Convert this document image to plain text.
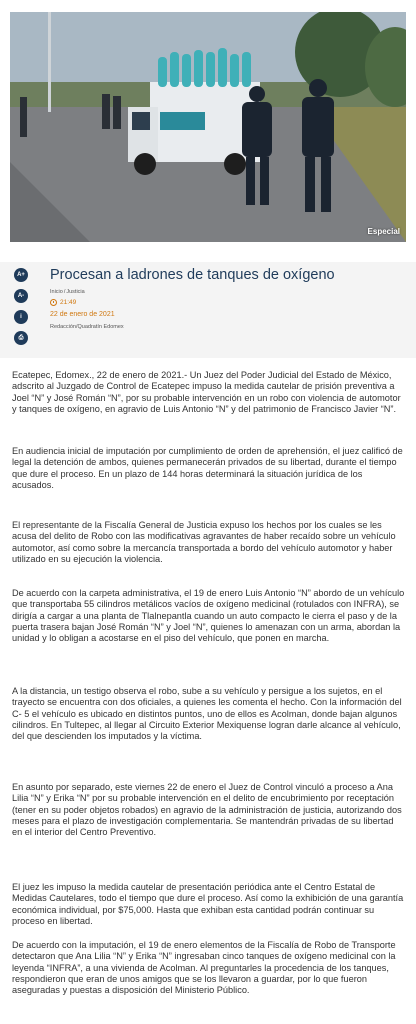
Especial
A+
A-
i
⎙
Procesan a ladrones de tanques de oxígeno
Inicio/Justicia
21:49
22 de enero de 2021
Redacción/Quadratín Edomex

Ecatepec, Edomex., 22 de enero de 2021.- Un Juez del Poder Judicial del Estado de México, adscrito al Juzgado de Control de Ecatepec impuso la medida cautelar de prisión preventiva a Joel “N” y José Román “N”, por su probable intervención en un robo con violencia de automotor y tanques de oxígeno, en agravio de Luis Antonio “N” y del patrimonio de Francisco Javier “N”.

En audiencia inicial de imputación por cumplimiento de orden de aprehensión, el juez calificó de legal la detención de ambos, quienes permanecerán privados de su libertad, durante el tiempo que dure el proceso. En un plazo de 144 horas determinará la situación jurídica de los acusados.

El representante de la Fiscalía General de Justicia expuso los hechos por los cuales se les acusa del delito de Robo con las modificativas agravantes de haber recaído sobre un vehículo automotor, así como sobre la mercancía transportada a bordo del vehículo automotor y haber utilizado en su ejecución la violencia.

De acuerdo con la carpeta administrativa, el 19 de enero Luis Antonio “N” abordo de un vehículo que transportaba 55 cilindros metálicos vacíos de oxígeno medicinal (rotulados con INFRA), se dirigía a cargar a una planta de Tlalnepantla cuando un auto compacto le cierra el paso y de la puerta trasera bajan José Román “N” y Joel “N”, quienes lo amenazan con un arma, abordan la unidad y lo obligan a acostarse en el piso del vehículo, que ponen en marcha.

A la distancia, un testigo observa el robo, sube a su vehículo y persigue a los sujetos, en el trayecto se encuentra con dos oficiales, a quienes les comenta el hecho. Con la información del C- 5 el vehículo es ubicado en distintos puntos, uno de ellos es Acolman, donde bajan algunos cilindros. En Tultepec, al llegar al Circuito Exterior Mexiquense logran darle alcance al vehículo, del que descienden los imputados y la víctima.

En asunto por separado, este viernes 22 de enero el Juez de Control vinculó a proceso a Ana Lilia “N” y Erika “N” por su probable intervención en el delito de encubrimiento por receptación (tener en su poder objetos robados) en agravio de la administración de justicia, autorizando dos meses para el plazo de investigación complementaria. Se mantendrán privadas de su libertad en el interior del Centro Preventivo.

El juez les impuso la medida cautelar de presentación periódica ante el Centro Estatal de Medidas Cautelares, todo el tiempo que dure el proceso. Así como la exhibición de una garantía económica individual, por $75,000. Hasta que exhiban esta cantidad podrán continuar su proceso en libertad.

De acuerdo con la imputación, el 19 de enero elementos de la Fiscalía de Robo de Transporte detectaron que Ana Lilia “N” y Erika “N” ingresaban cinco tanques de oxígeno medicinal con la leyenda “INFRA”, a una vivienda de Acolman. Al preguntarles la procedencia de los tanques, respondieron que eran de unos amigos que se los llevaron a guardar, por lo que fueron aseguradas y puestas a disposición del Ministerio Público.
